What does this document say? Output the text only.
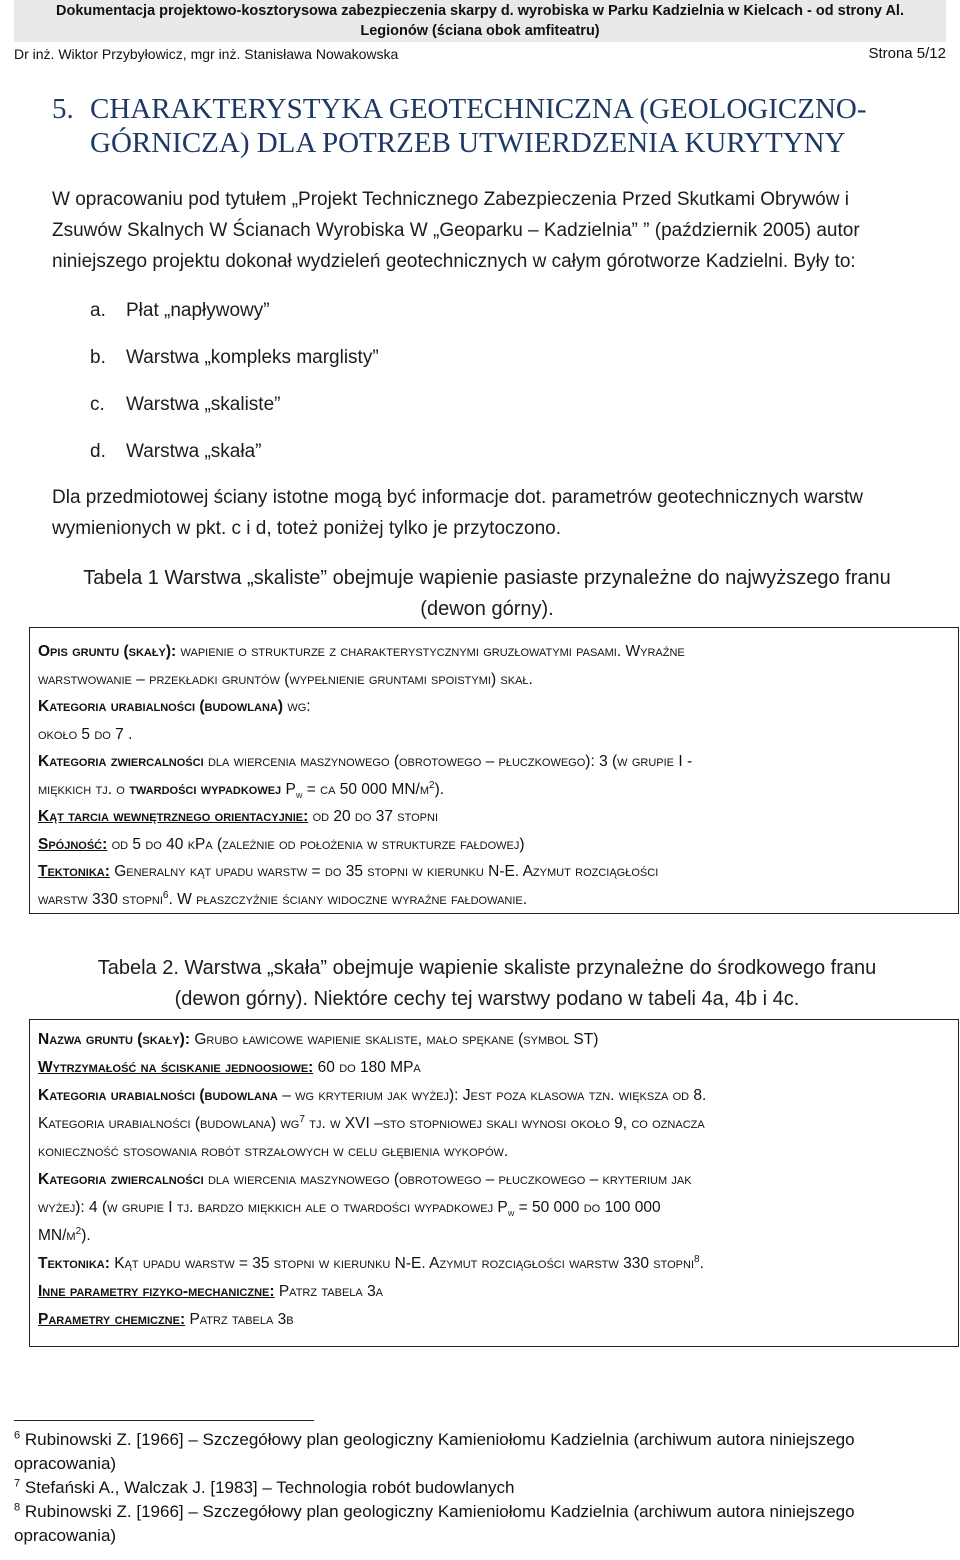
Dokumentacja projektowo-kosztorysowa zabezpieczenia skarpy d. wyrobiska w Parku Kadzielnia w Kielcach - od strony Al.
Legionów (ściana obok amfiteatru)
Dr inż. Wiktor Przybyłowicz, mgr inż. Stanisława Nowakowska	Strona 5/12
5. CHARAKTERYSTYKA GEOTECHNICZNA (GEOLOGICZNO-
GÓRNICZA) DLA POTRZEB UTWIERDZENIA KURYTYNY
W opracowaniu pod tytułem „Projekt Technicznego Zabezpieczenia Przed Skutkami Obrywów i
Zsuwów Skalnych W Ścianach Wyrobiska W „Geoparku – Kadzielnia” ” (październik 2005) autor
niniejszego projektu dokonał wydzieleń geotechnicznych w całym górotworze Kadzielni. Były to:
a. Płat „napływowy”
b. Warstwa „kompleks marglisty”
c. Warstwa „skaliste”
d. Warstwa „skała”
Dla przedmiotowej ściany istotne mogą być informacje dot. parametrów geotechnicznych warstw
wymienionych w pkt. c i d, toteż poniżej tylko je przytoczono.
Tabela 1 Warstwa „skaliste” obejmuje wapienie pasiaste przynależne do najwyższego franu
(dewon górny).
Opis gruntu (skały): wapienie o strukturze z charakterystycznymi gruzłowatymi pasami. Wyraźne
warstwowanie – przekładki gruntów (wypełnienie gruntami spoistymi) skał.
Kategoria urabialności (budowlana) wg:
około 5 do 7 .
Kategoria zwiercalności dla wiercenia maszynowego (obrotowego – płuczkowego): 3 (w grupie I -
miękkich tj. o twardości wypadkowej $P_w$ = ca 50 000 $MN/m^2$).
Kąt tarcia wewnętrznego orientacyjnie: od 20 do 37 stopni
Spójność: od 5 do 40 kPa (zależnie od położenia w strukturze fałdowej)
Tektonika: Generalny kąt upadu warstw = do 35 stopni w kierunku N-E. Azymut rozciągłości
warstw 330 stopni$^6$. W płaszczyźnie ściany widoczne wyraźne fałdowanie.
Tabela 2. Warstwa „skała” obejmuje wapienie skaliste przynależne do środkowego franu
(dewon górny). Niektóre cechy tej warstwy podano w tabeli 4a, 4b i 4c.
Nazwa gruntu (skały): Grubo ławicowe wapienie skaliste, mało spękane (symbol ST)
Wytrzymałość na ściskanie jednoosiowe: 60 do 180 MPa
Kategoria urabialności (budowlana – wg kryterium jak wyżej): Jest poza klasowa tzn. większa od 8.
Kategoria urabialności (budowlana) $wg^7$ tj. w XVI –sto stopniowej skali wynosi około 9, co oznacza
konieczność stosowania robót strzałowych w celu głębienia wykopów.
Kategoria zwiercalności dla wiercenia maszynowego (obrotowego – płuczkowego – kryterium jak
wyżej): 4 (w grupie I tj. bardzo miękkich ale o twardości wypadkowej $P_w = 50$ 000 do 100 000
$MN/m^2$).
Tektonika: Kąt upadu warstw = 35 stopni w kierunku N-E. Azymut rozciągłości warstw 330 stopni$^8$.
Inne parametry fizyko-mechaniczne: Patrz tabela 3a
Parametry chemiczne: Patrz tabela 3b
$^6$ Rubinowski Z. [1966] – Szczegółowy plan geologiczny Kamieniołomu Kadzielnia (archiwum autora niniejszego
opracowania)
$^7$ Stefański A., Walczak J. [1983] – Technologia robót budowlanych
$^8$ Rubinowski Z. [1966] – Szczegółowy plan geologiczny Kamieniołomu Kadzielnia (archiwum autora niniejszego
opracowania)
